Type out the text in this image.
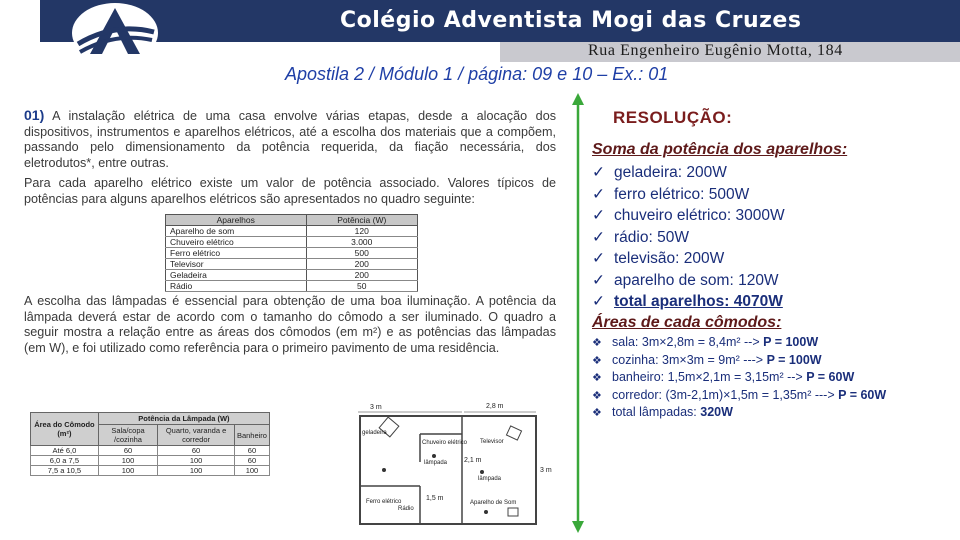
Colégio Adventista Mogi das Cruzes
Rua Engenheiro Eugênio Motta, 184
Apostila 2 / Módulo 1 / página: 09 e 10 – Ex.: 01

01) A instalação elétrica de uma casa envolve várias etapas, desde a alocação dos dispositivos, instrumentos e aparelhos elétricos, até a escolha dos materiais que a compõem, passando pelo dimensionamento da potência requerida, da fiação necessária, dos eletrodutos*, entre outras.

Para cada aparelho elétrico existe um valor de potência associado. Valores típicos de potências para alguns aparelhos elétricos são apresentados no quadro seguinte:

Aparelhos	Potência (W)
Aparelho de som	120
Chuveiro elétrico	3.000
Ferro elétrico	500
Televisor	200
Geladeira	200
Rádio	50

A escolha das lâmpadas é essencial para obtenção de uma boa iluminação. A potência da lâmpada deverá estar de acordo com o tamanho do cômodo a ser iluminado. O quadro a seguir mostra a relação entre as áreas dos cômodos (em m²) e as potências das lâmpadas (em W), e foi utilizado como referência para o primeiro pavimento de uma residência.

Área do Cômodo (m²)	Potência da Lâmpada (W)		
	Sala/copa /cozinha	Quarto, varanda e corredor	Banheiro
Até 6,0	60	60	60
6,0 a 7,5	100	100	60
7,5 a 10,5	100	100	100
3 m	2,8 m
geladeira
Chuveiro elétrico Televisor
lâmpada 2,1 m
lâmpada
3 m
1,5 m
Ferro elétrico	Aparelho de Som
Rádio
RESOLUÇÃO:
Soma da potência dos aparelhos:
✓ geladeira: 200W
✓ ferro elétrico: 500W
✓ chuveiro elétrico: 3000W
✓ rádio: 50W
✓ televisão: 200W
✓ aparelho de som: 120W
✓ total aparelhos: 4070W
Áreas de cada cômodos:
❖ sala: 3m×2,8m = 8,4m² --> P = 100W
❖ cozinha: 3m×3m = 9m² ---> P = 100W
❖ banheiro: 1,5m×2,1m = 3,15m² --> P = 60W
❖ corredor: (3m-2,1m)×1,5m = 1,35m² ---> P = 60W
❖ total lâmpadas: 320W
